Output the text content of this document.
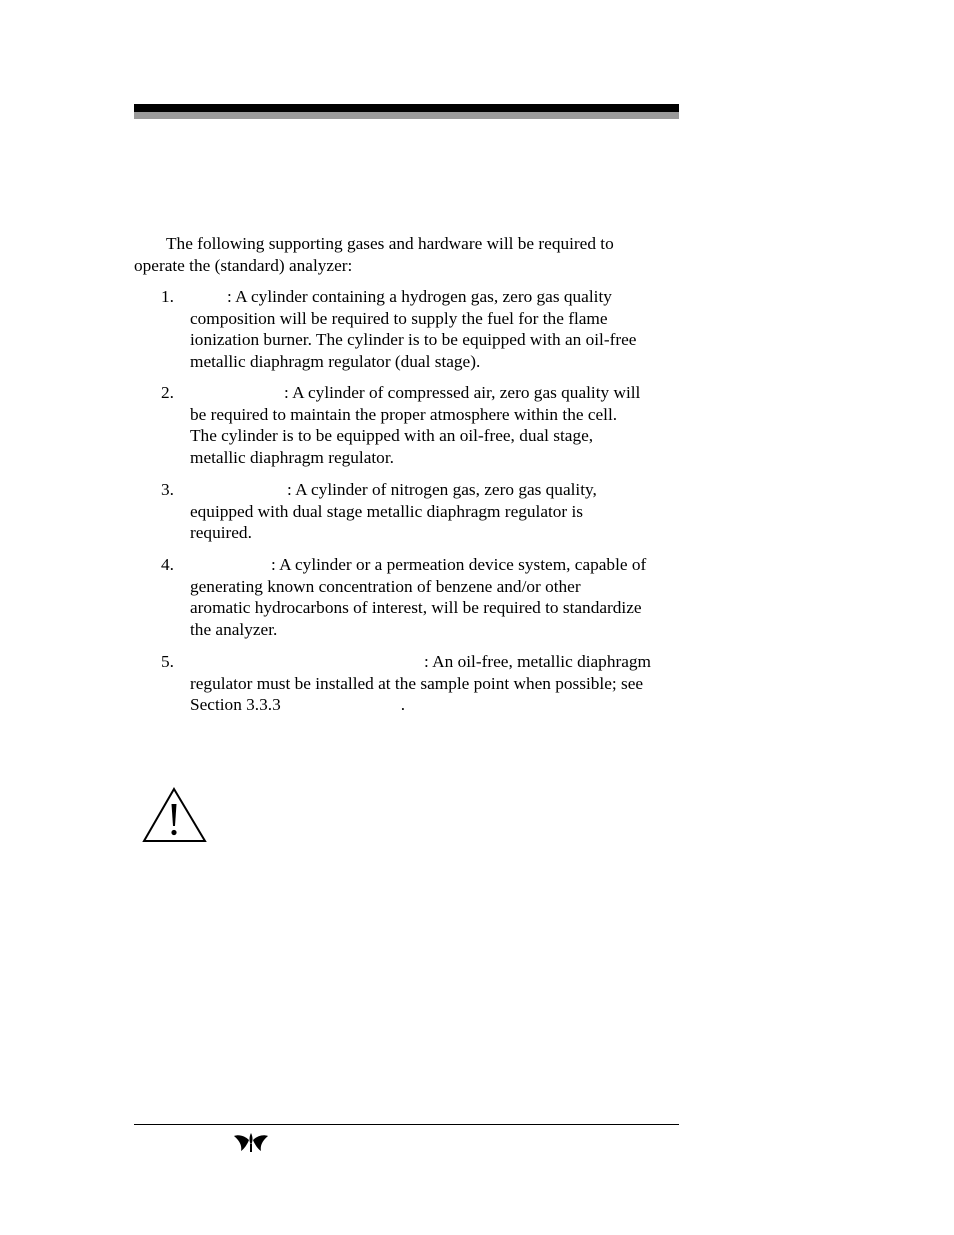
The following supporting gases and hardware will be required to
operate the (standard) analyzer:
1.	: A cylinder containing a hydrogen gas, zero gas quality
composition will be required to supply the fuel for the flame
ionization burner. The cylinder is to be equipped with an oil-free
metallic diaphragm regulator (dual stage).
2.	: A cylinder of compressed air, zero gas quality will
be required to maintain the proper atmosphere within the cell.
The cylinder is to be equipped with an oil-free, dual stage,
metallic diaphragm regulator.
3.	: A cylinder of nitrogen gas, zero gas quality,
equipped with dual stage metallic diaphragm regulator is
required.
4.	: A cylinder or a permeation device system, capable of
generating known concentration of benzene and/or other
aromatic hydrocarbons of interest, will be required to standardize
the analyzer.
5.	: An oil-free, metallic diaphragm
regulator must be installed at the sample point when possible; see
Section 3.3.3	.
